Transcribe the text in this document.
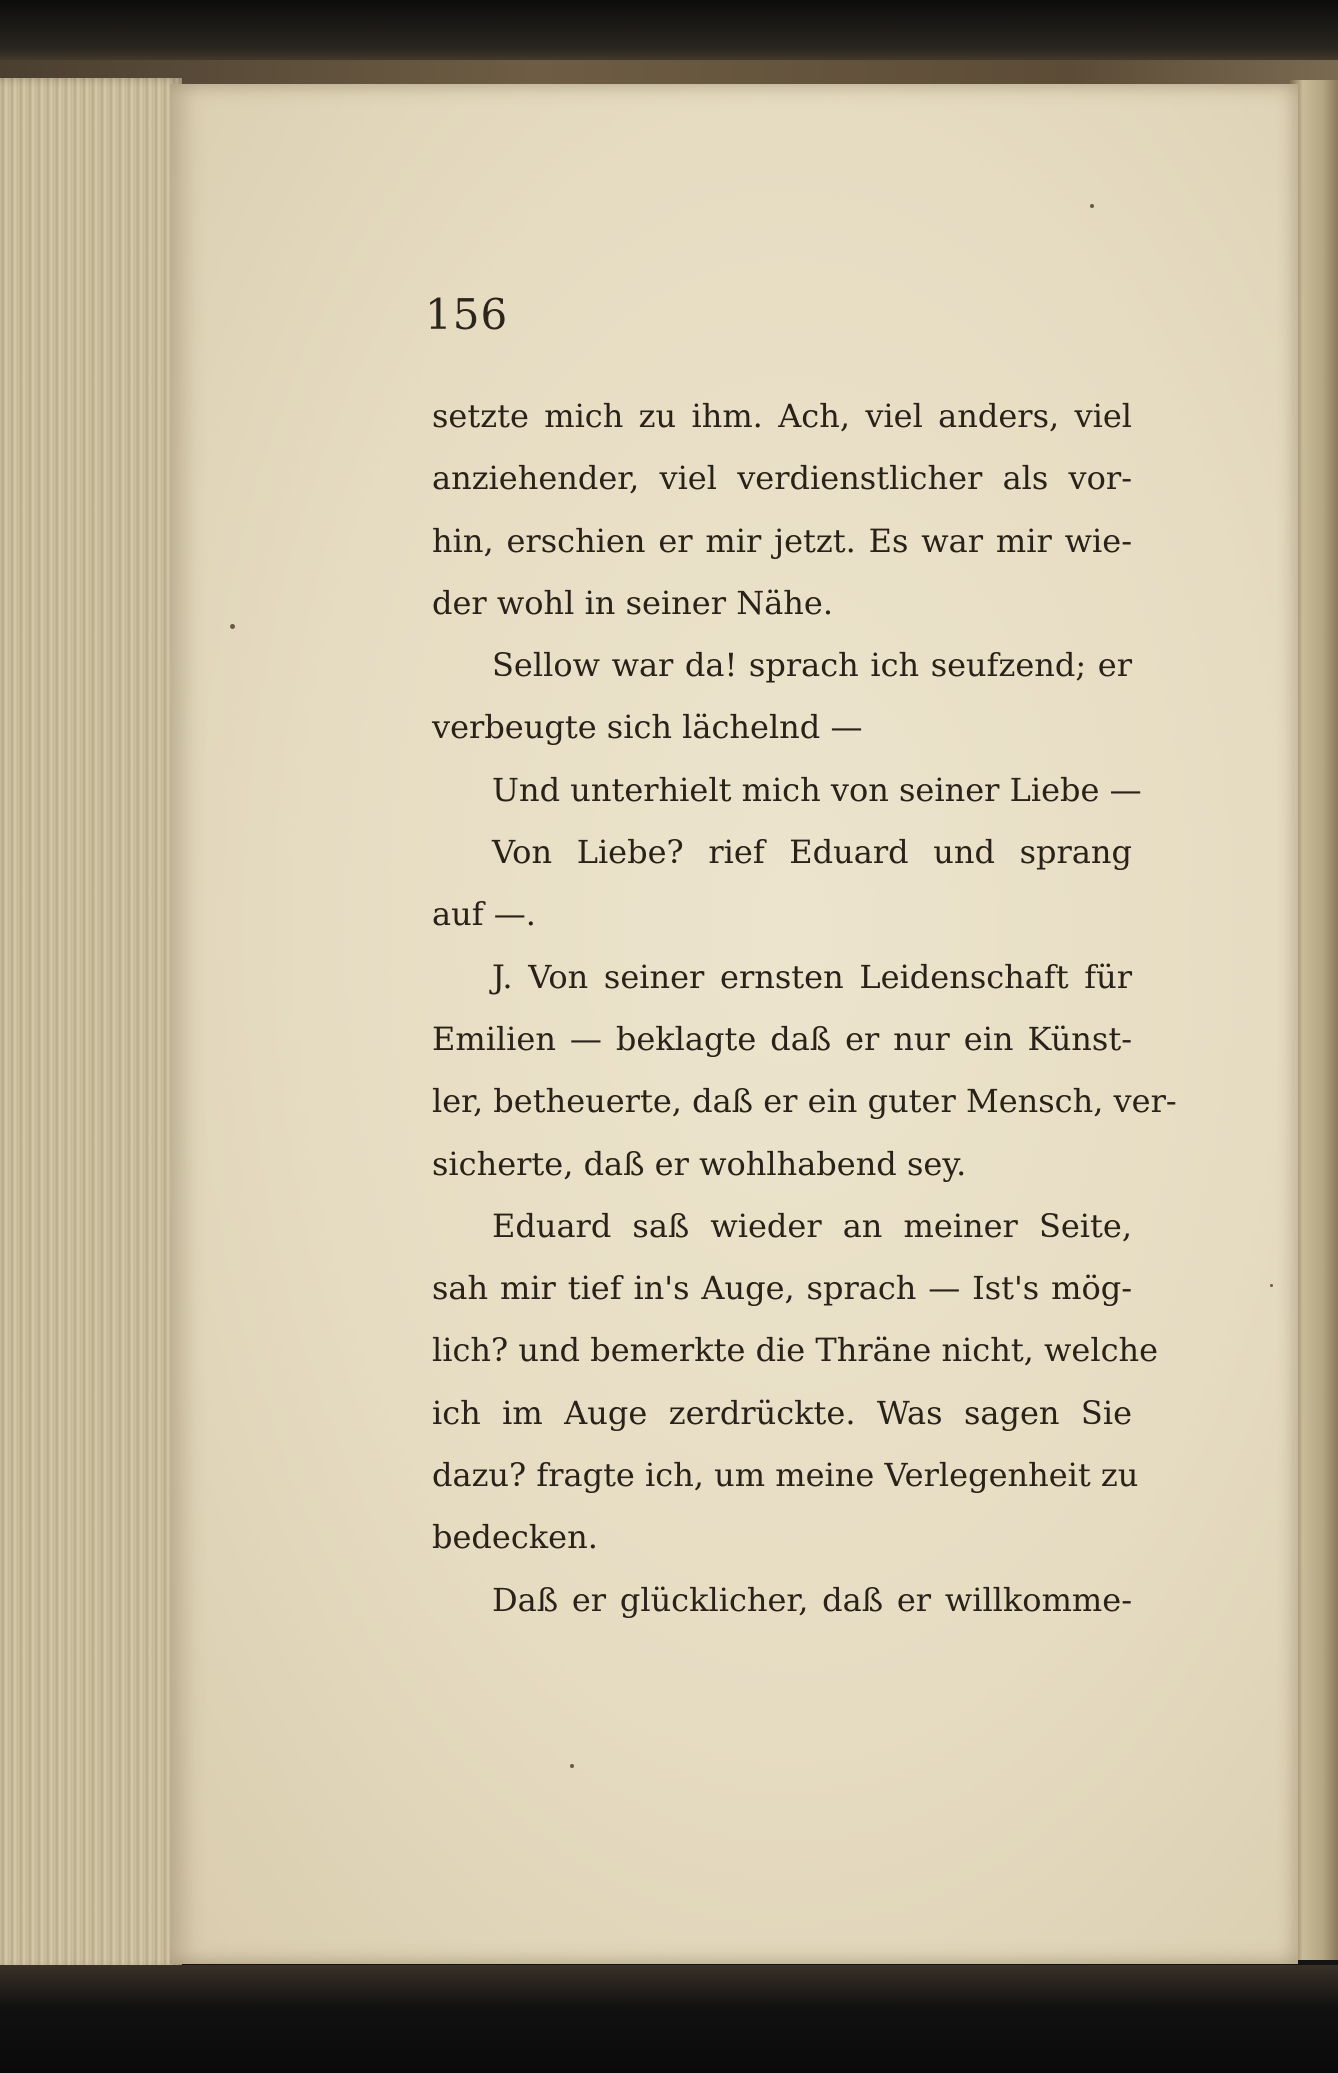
156
setzte mich zu ihm. Ach, viel anders, viel
anziehender, viel verdienstlicher als vor-
hin, erschien er mir jetzt. Es war mir wie-
der wohl in seiner Nähe.
Sellow war da! sprach ich seufzend; er
verbeugte sich lächelnd —
Und unterhielt mich von seiner Liebe —
Von Liebe? rief Eduard und sprang
auf —.
J. Von seiner ernsten Leidenschaft für
Emilien — beklagte daß er nur ein Künst-
ler, betheuerte, daß er ein guter Mensch, ver-
sicherte, daß er wohlhabend sey.
Eduard saß wieder an meiner Seite,
sah mir tief in's Auge, sprach — Ist's mög-
lich? und bemerkte die Thräne nicht, welche
ich im Auge zerdrückte. Was sagen Sie
dazu? fragte ich, um meine Verlegenheit zu
bedecken.
Daß er glücklicher, daß er willkomme-
